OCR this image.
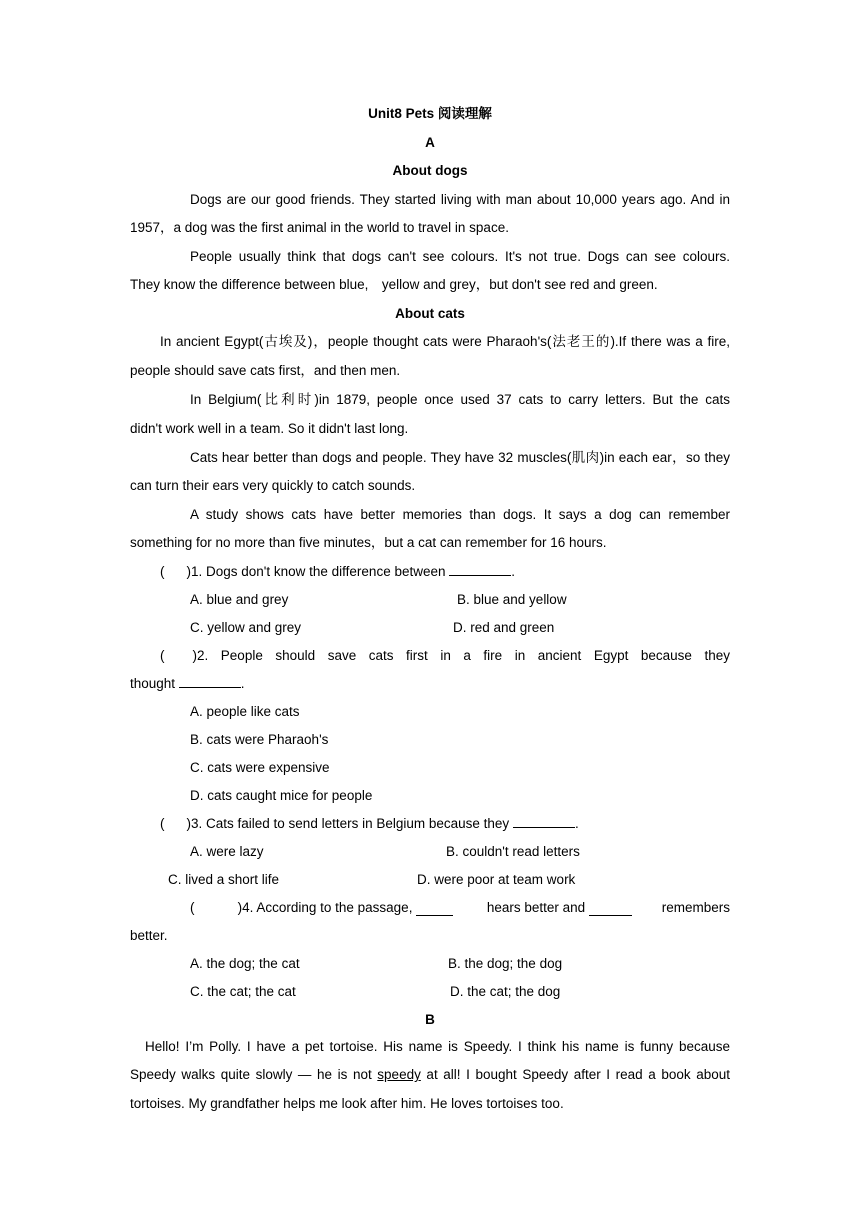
Unit8 Pets 阅读理解
A
About dogs
Dogs are our good friends. They started living with man about 10,000 years ago. And in
1957，a dog was the first animal in the world to travel in space.
People usually think that dogs can't see colours. It's not true. Dogs can see colours.
They know the difference between blue,　yellow and grey，but don't see red and green.
About cats
In ancient Egypt(古埃及)，people thought cats were Pharaoh's(法老王的).If there was a fire,
people should save cats first，and then men.
In Belgium(比利时)in 1879, people once used 37 cats to carry letters. But the cats
didn't work well in a team. So it didn't last long.
Cats hear better than dogs and people. They have 32 muscles(肌肉)in each ear，so they
can turn their ears very quickly to catch sounds.
A study shows cats have better memories than dogs. It says a dog can remember
something for no more than five minutes，but a cat can remember for 16 hours.
( )1. Dogs don't know the difference between	.
A. blue and grey	B. blue and yellow
C. yellow and grey	D. red and green
( )2. People should save cats first in a fire in ancient Egypt because they
thought	.
A. people like cats
B. cats were Pharaoh's
C. cats were expensive
D. cats caught mice for people
( )3. Cats failed to send letters in Belgium because they	.
A. were lazy	B. couldn't read letters
C. lived a short life	D. were poor at team work
(	)4. According to the passage,	hears better and	remembers
better.
A. the dog; the cat	B. the dog; the dog
C. the cat; the cat	D. the cat; the dog
B
Hello! I’m Polly. I have a pet tortoise. His name is Speedy. I think his name is funny because
Speedy walks quite slowly — he is not speedy at all! I bought Speedy after I read a book about
tortoises. My grandfather helps me look after him. He loves tortoises too.
